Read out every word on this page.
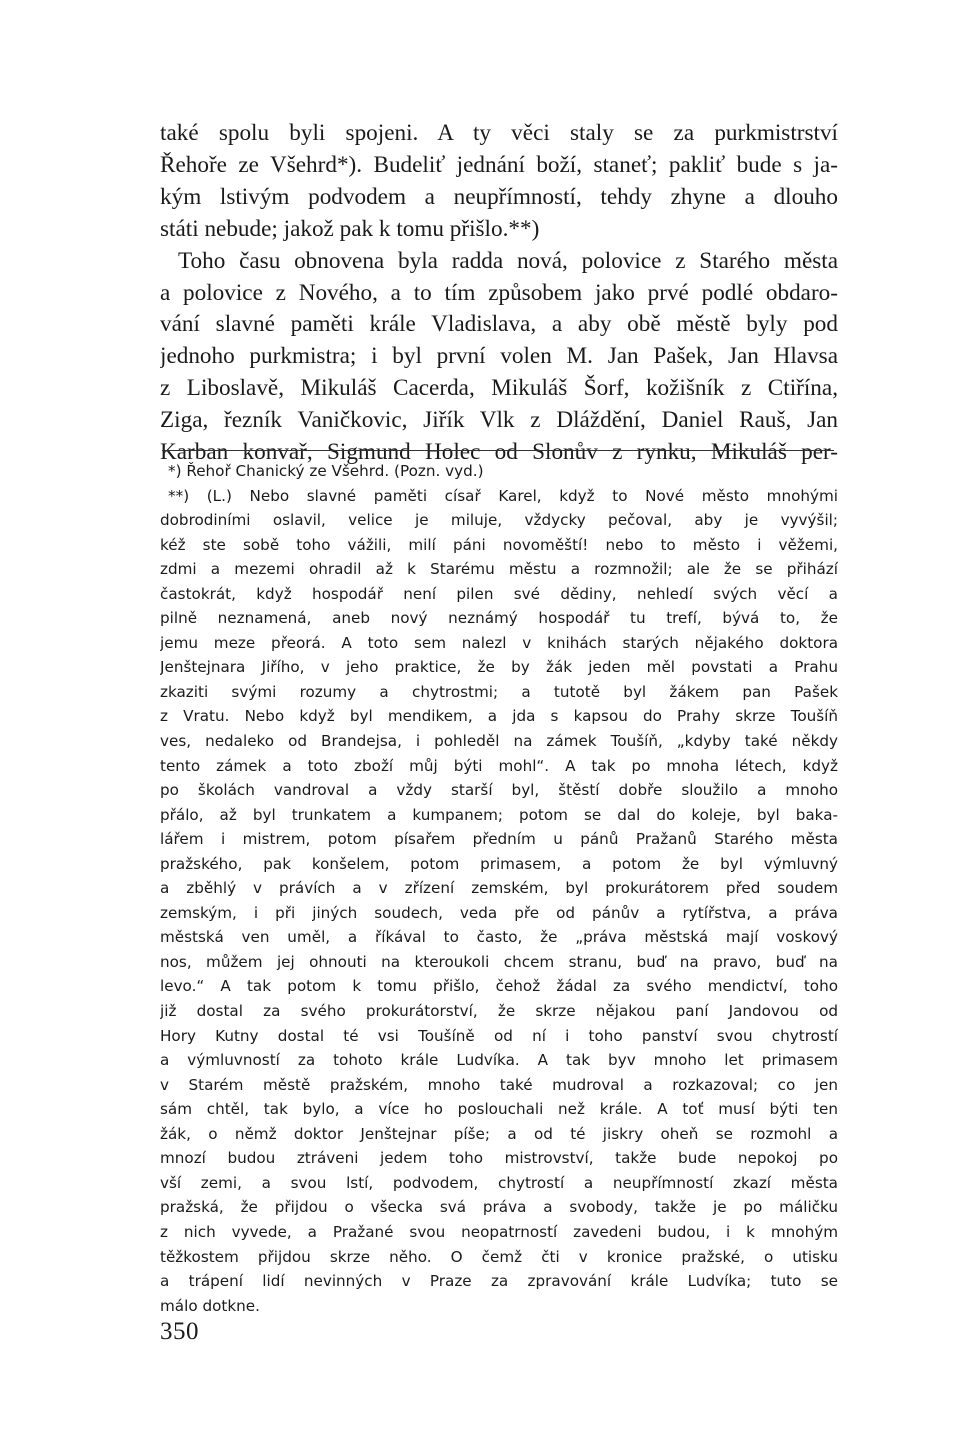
také spolu byli spojeni. A ty věci staly se za purkmistrství
Řehoře ze Všehrd*). Budeliť jednání boží, staneť; pakliť bude s ja-
kým lstivým podvodem a neupřímností, tehdy zhyne a dlouho
státi nebude; jakož pak k tomu přišlo.**)
Toho času obnovena byla radda nová, polovice z Starého města
a polovice z Nového, a to tím způsobem jako prvé podlé obdaro-
vání slavné paměti krále Vladislava, a aby obě městě byly pod
jednoho purkmistra; i byl první volen M. Jan Pašek, Jan Hlavsa
z Liboslavě, Mikuláš Cacerda, Mikuláš Šorf, kožišník z Ctiřína,
Ziga, řezník Vaničkovic, Jiřík Vlk z Dláždění, Daniel Rauš, Jan
Karban konvař, Sigmund Holec od Slonův z rynku, Mikuláš per-

*) Řehoř Chanický ze Všehrd. (Pozn. vyd.)
**) (L.) Nebo slavné paměti císař Karel, když to Nové město mnohými
dobrodiními oslavil, velice je miluje, vždycky pečoval, aby je vyvýšil;
kéž ste sobě toho vážili, milí páni novoměští! nebo to město i věžemi,
zdmi a mezemi ohradil až k Starému městu a rozmnožil; ale že se přihází
častokrát, když hospodář není pilen své dědiny, nehledí svých věcí a
pilně neznamená, aneb nový neznámý hospodář tu trefí, bývá to, že
jemu meze přeorá. A toto sem nalezl v knihách starých nějakého doktora
Jenštejnara Jiřího, v jeho praktice, že by žák jeden měl povstati a Prahu
zkaziti svými rozumy a chytrostmi; a tutotě byl žákem pan Pašek
z Vratu. Nebo když byl mendikem, a jda s kapsou do Prahy skrze Toušíň
ves, nedaleko od Brandejsa, i pohleděl na zámek Toušíň, „kdyby také někdy
tento zámek a toto zboží můj býti mohl“. A tak po mnoha létech, když
po školách vandroval a vždy starší byl, štěstí dobře sloužilo a mnoho
přálo, až byl trunkatem a kumpanem; potom se dal do koleje, byl baka-
lářem i mistrem, potom písařem předním u pánů Pražanů Starého města
pražského, pak konšelem, potom primasem, a potom že byl výmluvný
a zběhlý v právích a v zřízení zemském, byl prokurátorem před soudem
zemským, i při jiných soudech, veda pře od pánův a rytířstva, a práva
městská ven uměl, a říkával to často, že „práva městská mají voskový
nos, můžem jej ohnouti na kteroukoli chcem stranu, buď na pravo, buď na
levo.“ A tak potom k tomu přišlo, čehož žádal za svého mendictví, toho
již dostal za svého prokurátorství, že skrze nějakou paní Jandovou od
Hory Kutny dostal té vsi Toušíně od ní i toho panství svou chytrostí
a výmluvností za tohoto krále Ludvíka. A tak byv mnoho let primasem
v Starém městě pražském, mnoho také mudroval a rozkazoval; co jen
sám chtěl, tak bylo, a více ho poslouchali než krále. A toť musí býti ten
žák, o němž doktor Jenštejnar píše; a od té jiskry oheň se rozmohl a
mnozí budou ztráveni jedem toho mistrovství, takže bude nepokoj po
vší zemi, a svou lstí, podvodem, chytrostí a neupřímností zkazí města
pražská, že přijdou o všecka svá práva a svobody, takže je po máličku
z nich vyvede, a Pražané svou neopatrností zavedeni budou, i k mnohým
těžkostem přijdou skrze něho. O čemž čti v kronice pražské, o utisku
a trápení lidí nevinných v Praze za zpravování krále Ludvíka; tuto se
málo dotkne.
350
